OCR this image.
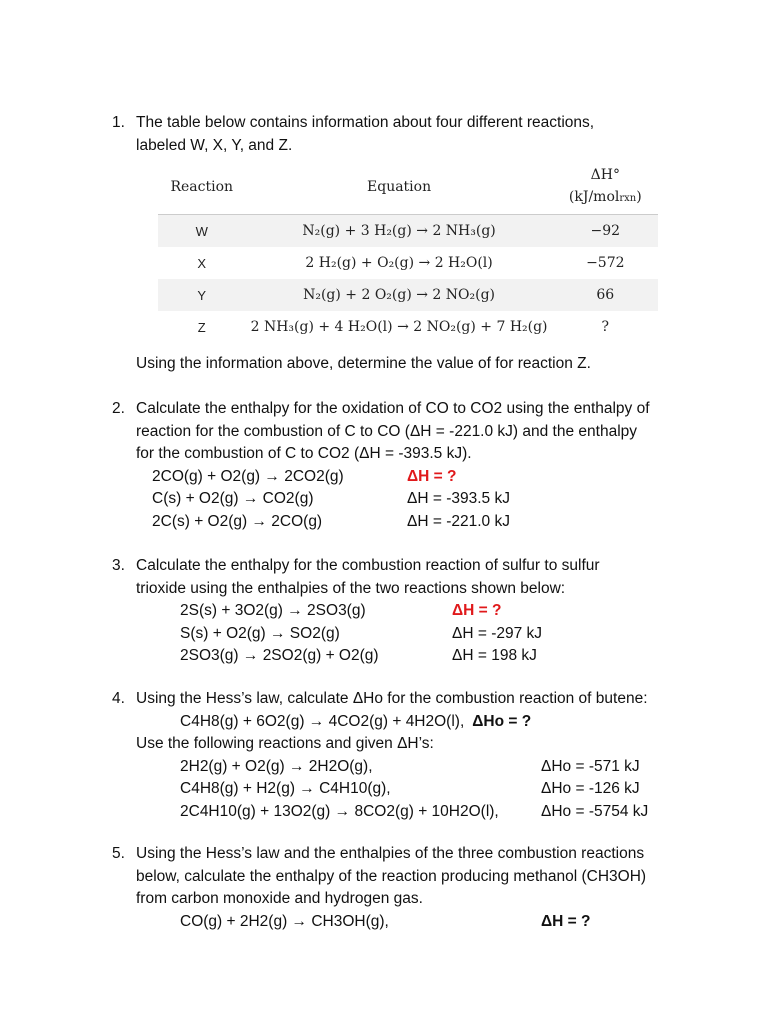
1. The table below contains information about four different reactions,
labeled W, X, Y, and Z.
Reaction	Equation	ΔH°
(kJ/molrxn)

W	N₂(g) + 3 H₂(g) → 2 NH₃(g)	−92
X	2 H₂(g) + O₂(g) → 2 H₂O(l)	−572
Y	N₂(g) + 2 O₂(g) → 2 NO₂(g)	66
Z	2 NH₃(g) + 4 H₂O(l) → 2 NO₂(g) + 7 H₂(g)	?
Using the information above, determine the value of for reaction Z.
2. Calculate the enthalpy for the oxidation of CO to CO2 using the enthalpy of
reaction for the combustion of C to CO (ΔH = -221.0 kJ) and the enthalpy
for the combustion of C to CO2 (ΔH = -393.5 kJ).
2CO(g) + O2(g) → 2CO2(g)	ΔH = ?
C(s) + O2(g) → CO2(g)	ΔH = -393.5 kJ
2C(s) + O2(g) → 2CO(g)	ΔH = -221.0 kJ
3. Calculate the enthalpy for the combustion reaction of sulfur to sulfur
trioxide using the enthalpies of the two reactions shown below:
2S(s) + 3O2(g) → 2SO3(g)	ΔH = ?
S(s) + O2(g) → SO2(g)	ΔH = -297 kJ
2SO3(g) → 2SO2(g) + O2(g)	ΔH = 198 kJ
4. Using the Hess’s law, calculate ΔHo for the combustion reaction of butene:
C4H8(g) + 6O2(g) → 4CO2(g) + 4H2O(l), ΔHo = ?
Use the following reactions and given ΔH’s:
2H2(g) + O2(g) → 2H2O(g),	ΔHo = -571 kJ
C4H8(g) + H2(g) → C4H10(g),	ΔHo = -126 kJ
2C4H10(g) + 13O2(g) → 8CO2(g) + 10H2O(l),	ΔHo = -5754 kJ
5. Using the Hess’s law and the enthalpies of the three combustion reactions
below, calculate the enthalpy of the reaction producing methanol (CH3OH)
from carbon monoxide and hydrogen gas.
CO(g) + 2H2(g) → CH3OH(g),	ΔH = ?
